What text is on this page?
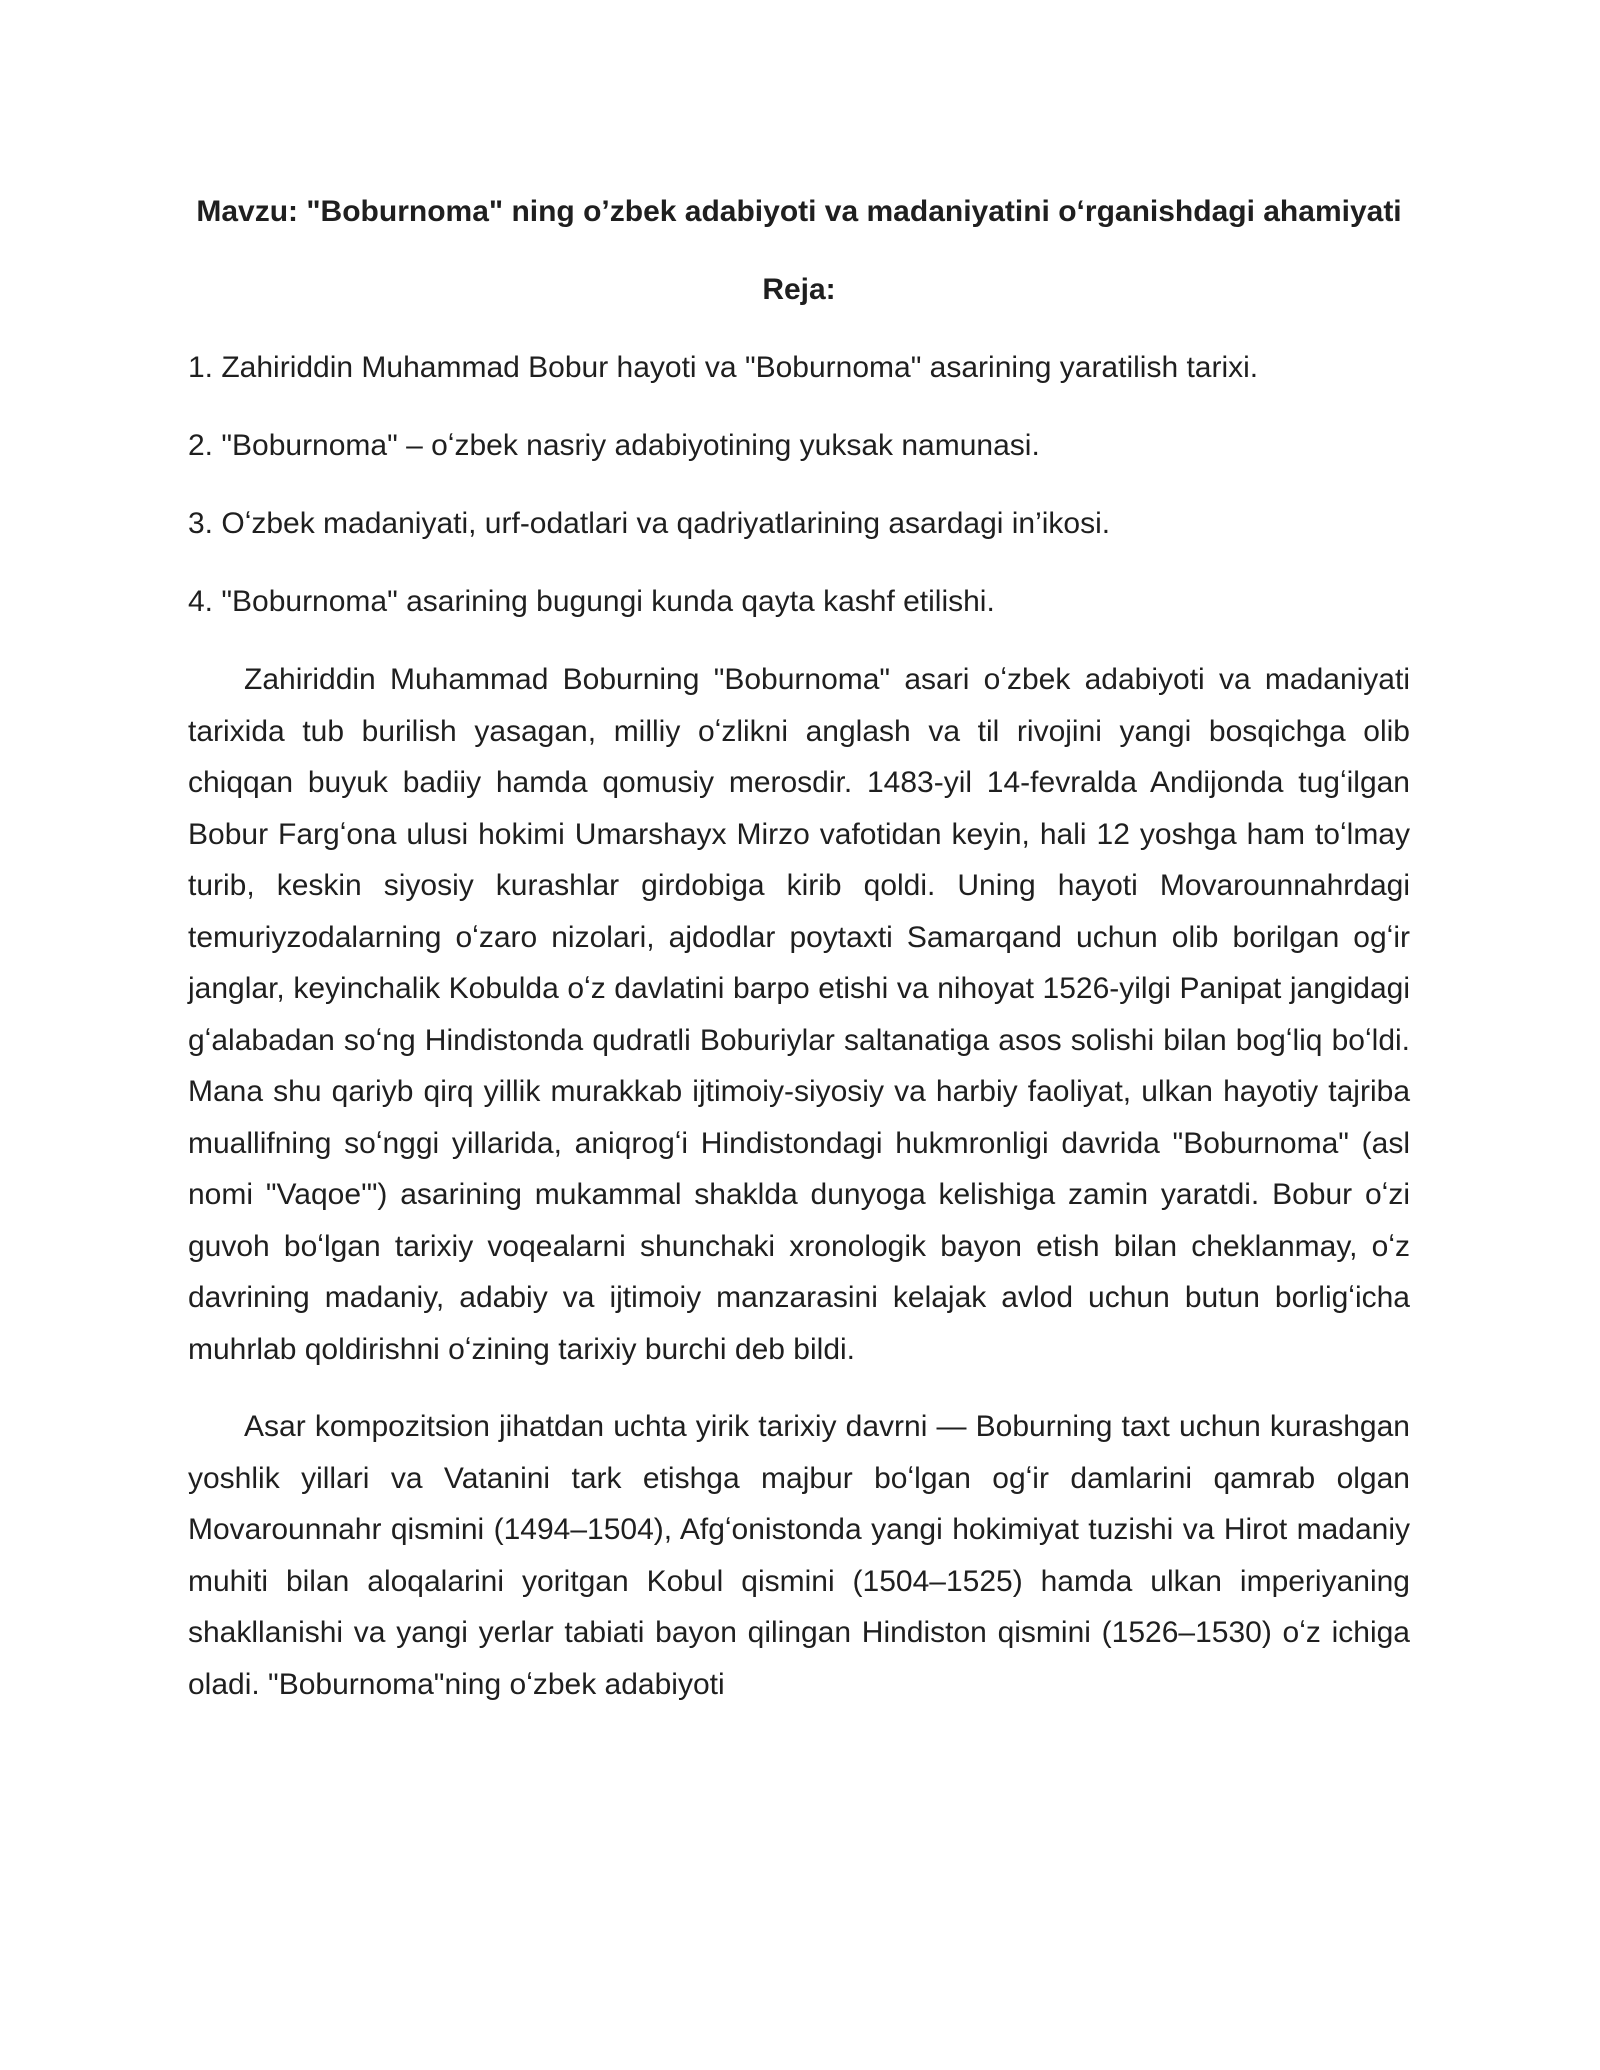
Mavzu: "Boburnoma" ning o’zbek adabiyoti va madaniyatini oʻrganishdagi ahamiyati

Reja:

1. Zahiriddin Muhammad Bobur hayoti va "Boburnoma" asarining yaratilish tarixi.

2. "Boburnoma" – oʻzbek nasriy adabiyotining yuksak namunasi.

3. Oʻzbek madaniyati, urf-odatlari va qadriyatlarining asardagi in’ikosi.

4. "Boburnoma" asarining bugungi kunda qayta kashf etilishi.

Zahiriddin Muhammad Boburning "Boburnoma" asari oʻzbek adabiyoti va madaniyati tarixida tub burilish yasagan, milliy oʻzlikni anglash va til rivojini yangi bosqichga olib chiqqan buyuk badiiy hamda qomusiy merosdir. 1483-yil 14-fevralda Andijonda tugʻilgan Bobur Fargʻona ulusi hokimi Umarshayx Mirzo vafotidan keyin, hali 12 yoshga ham toʻlmay turib, keskin siyosiy kurashlar girdobiga kirib qoldi. Uning hayoti Movarounnahrdagi temuriyzodalarning oʻzaro nizolari, ajdodlar poytaxti Samarqand uchun olib borilgan ogʻir janglar, keyinchalik Kobulda oʻz davlatini barpo etishi va nihoyat 1526-yilgi Panipat jangidagi gʻalabadan soʻng Hindistonda qudratli Boburiylar saltanatiga asos solishi bilan bogʻliq boʻldi. Mana shu qariyb qirq yillik murakkab ijtimoiy-siyosiy va harbiy faoliyat, ulkan hayotiy tajriba muallifning soʻnggi yillarida, aniqrogʻi Hindistondagi hukmronligi davrida "Boburnoma" (asl nomi "Vaqoe'") asarining mukammal shaklda dunyoga kelishiga zamin yaratdi. Bobur oʻzi guvoh boʻlgan tarixiy voqealarni shunchaki xronologik bayon etish bilan cheklanmay, oʻz davrining madaniy, adabiy va ijtimoiy manzarasini kelajak avlod uchun butun borligʻicha muhrlab qoldirishni oʻzining tarixiy burchi deb bildi.

Asar kompozitsion jihatdan uchta yirik tarixiy davrni — Boburning taxt uchun kurashgan yoshlik yillari va Vatanini tark etishga majbur boʻlgan ogʻir damlarini qamrab olgan Movarounnahr qismini (1494–1504), Afgʻonistonda yangi hokimiyat tuzishi va Hirot madaniy muhiti bilan aloqalarini yoritgan Kobul qismini (1504–1525) hamda ulkan imperiyaning shakllanishi va yangi yerlar tabiati bayon qilingan Hindiston qismini (1526–1530) oʻz ichiga oladi. "Boburnoma"ning oʻzbek adabiyoti
